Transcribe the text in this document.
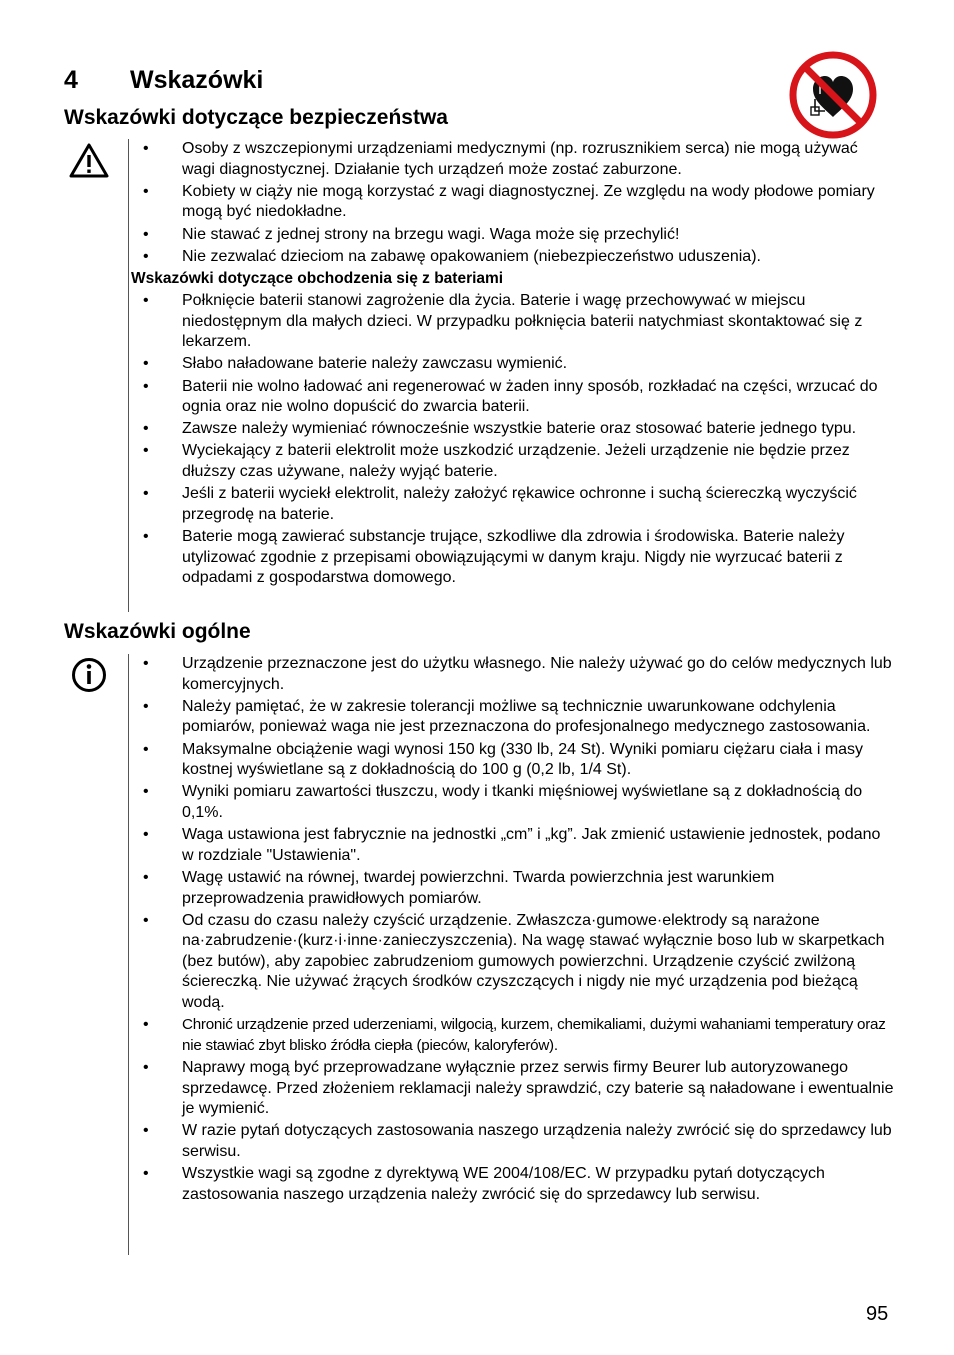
4 Wskazówki
Wskazówki dotyczące bezpieczeństwa
• Osoby z wszczepionymi urządzeniami medycznymi (np. rozrusznikiem serca) nie mogą używać wagi diagnostycznej. Działanie tych urządzeń może zostać zaburzone.
• Kobiety w ciąży nie mogą korzystać z wagi diagnostycznej. Ze względu na wody płodowe pomiary mogą być niedokładne.
• Nie stawać z jednej strony na brzegu wagi. Waga może się przechylić!
• Nie zezwalać dzieciom na zabawę opakowaniem (niebezpieczeństwo uduszenia).
Wskazówki dotyczące obchodzenia się z bateriami
• Połknięcie baterii stanowi zagrożenie dla życia. Baterie i wagę przechowywać w miejscu niedostępnym dla małych dzieci. W przypadku połknięcia baterii natychmiast skontaktować się z lekarzem.
• Słabo naładowane baterie należy zawczasu wymienić.
• Baterii nie wolno ładować ani regenerować w żaden inny sposób, rozkładać na części, wrzucać do ognia oraz nie wolno dopuścić do zwarcia baterii.
• Zawsze należy wymieniać równocześnie wszystkie baterie oraz stosować baterie jednego typu.
• Wyciekający z baterii elektrolit może uszkodzić urządzenie. Jeżeli urządzenie nie będzie przez dłuższy czas używane, należy wyjąć baterie.
• Jeśli z baterii wyciekł elektrolit, należy założyć rękawice ochronne i suchą ściereczką wyczyścić przegrodę na baterie.
• Baterie mogą zawierać substancje trujące, szkodliwe dla zdrowia i środowiska. Baterie należy utylizować zgodnie z przepisami obowiązującymi w danym kraju. Nigdy nie wyrzucać baterii z odpadami z gospodarstwa domowego.
Wskazówki ogólne
• Urządzenie przeznaczone jest do użytku własnego. Nie należy używać go do celów medycznych lub komercyjnych.
• Należy pamiętać, że w zakresie tolerancji możliwe są technicznie uwarunkowane odchylenia pomiarów, ponieważ waga nie jest przeznaczona do profesjonalnego medycznego zastosowania.
• Maksymalne obciążenie wagi wynosi 150 kg (330 lb, 24 St). Wyniki pomiaru ciężaru ciała i masy kostnej wyświetlane są z dokładnością do 100 g (0,2 lb, 1/4 St).
• Wyniki pomiaru zawartości tłuszczu, wody i tkanki mięśniowej wyświetlane są z dokładnością do 0,1%.
• Waga ustawiona jest fabrycznie na jednostki „cm” i „kg”. Jak zmienić ustawienie jednostek, podano w rozdziale "Ustawienia".
• Wagę ustawić na równej, twardej powierzchni. Twarda powierzchnia jest warunkiem przeprowadzenia prawidłowych pomiarów.
• Od czasu do czasu należy czyścić urządzenie. Zwłaszcza·gumowe·elektrody są narażone na·zabrudzenie·(kurz·i·inne·zanieczyszczenia). Na wagę stawać wyłącznie boso lub w skarpetkach (bez butów), aby zapobiec zabrudzeniom gumowych powierzchni. Urządzenie czyścić zwilżoną ściereczką. Nie używać żrących środków czyszczących i nigdy nie myć urządzenia pod bieżącą wodą.
• Chronić urządzenie przed uderzeniami, wilgocią, kurzem, chemikaliami, dużymi wahaniami temperatury oraz nie stawiać zbyt blisko źródła ciepła (pieców, kaloryferów).
• Naprawy mogą być przeprowadzane wyłącznie przez serwis firmy Beurer lub autoryzowanego sprzedawcę. Przed złożeniem reklamacji należy sprawdzić, czy baterie są naładowane i ewentualnie je wymienić.
• W razie pytań dotyczących zastosowania naszego urządzenia należy zwrócić się do sprzedawcy lub serwisu.
• Wszystkie wagi są zgodne z dyrektywą WE 2004/108/EC. W przypadku pytań dotyczących zastosowania naszego urządzenia należy zwrócić się do sprzedawcy lub serwisu.
95
